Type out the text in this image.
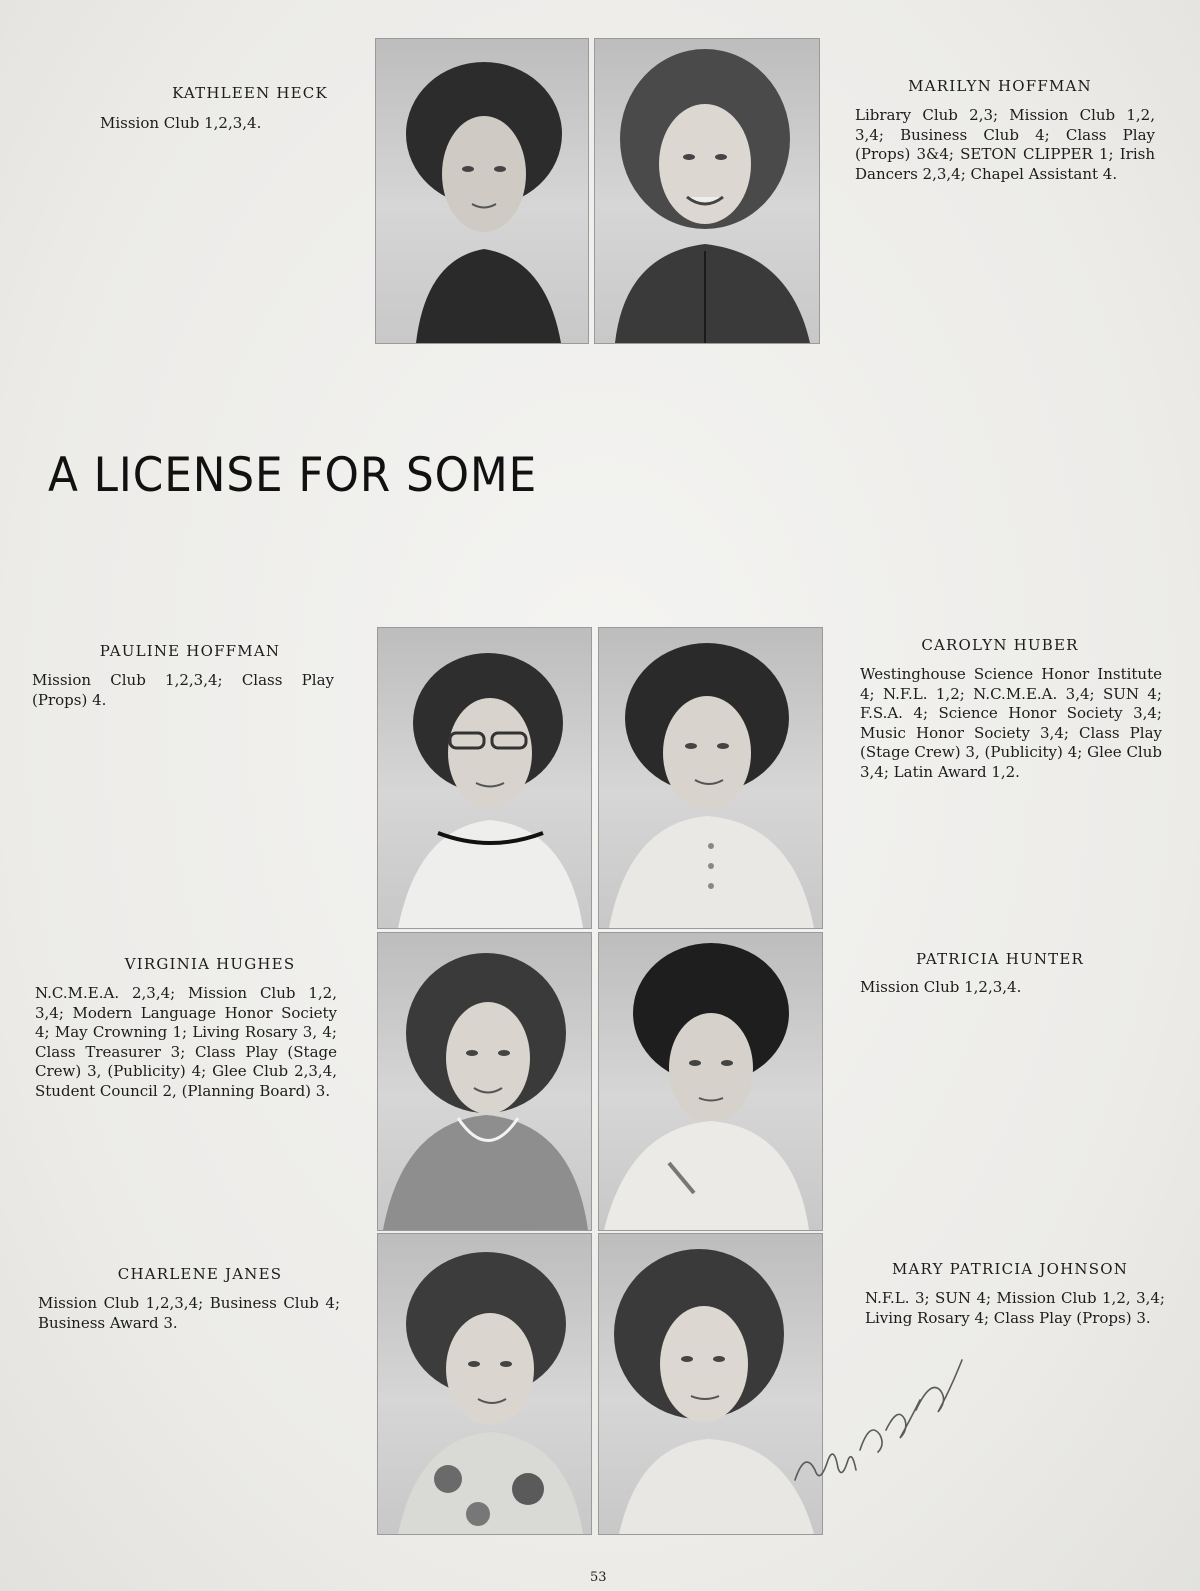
A LICENSE FOR SOME
KATHLEEN HECK
Mission Club 1,2,3,4.
MARILYN HOFFMAN
Library Club 2,3; Mission Club 1,2, 3,4; Business Club 4; Class Play (Props) 3&4; SETON CLIPPER 1; Irish Dancers 2,3,4; Chapel Assistant 4.
PAULINE HOFFMAN
Mission Club 1,2,3,4; Class Play (Props) 4.
CAROLYN HUBER
Westinghouse Science Honor Institute 4; N.F.L. 1,2; N.C.M.E.A. 3,4; SUN 4; F.S.A. 4; Science Honor Society 3,4; Music Honor Society 3,4; Class Play (Stage Crew) 3, (Publicity) 4; Glee Club 3,4; Latin Award 1,2.
VIRGINIA HUGHES
N.C.M.E.A. 2,3,4; Mission Club 1,2, 3,4; Modern Language Honor Society 4; May Crowning 1; Living Rosary 3, 4; Class Treasurer 3; Class Play (Stage Crew) 3, (Publicity) 4; Glee Club 2,3,4, Student Council 2, (Planning Board) 3.
PATRICIA HUNTER
Mission Club 1,2,3,4.
CHARLENE JANES
Mission Club 1,2,3,4; Business Club 4; Business Award 3.
MARY PATRICIA JOHNSON
N.F.L. 3; SUN 4; Mission Club 1,2, 3,4; Living Rosary 4; Class Play (Props) 3.
53
